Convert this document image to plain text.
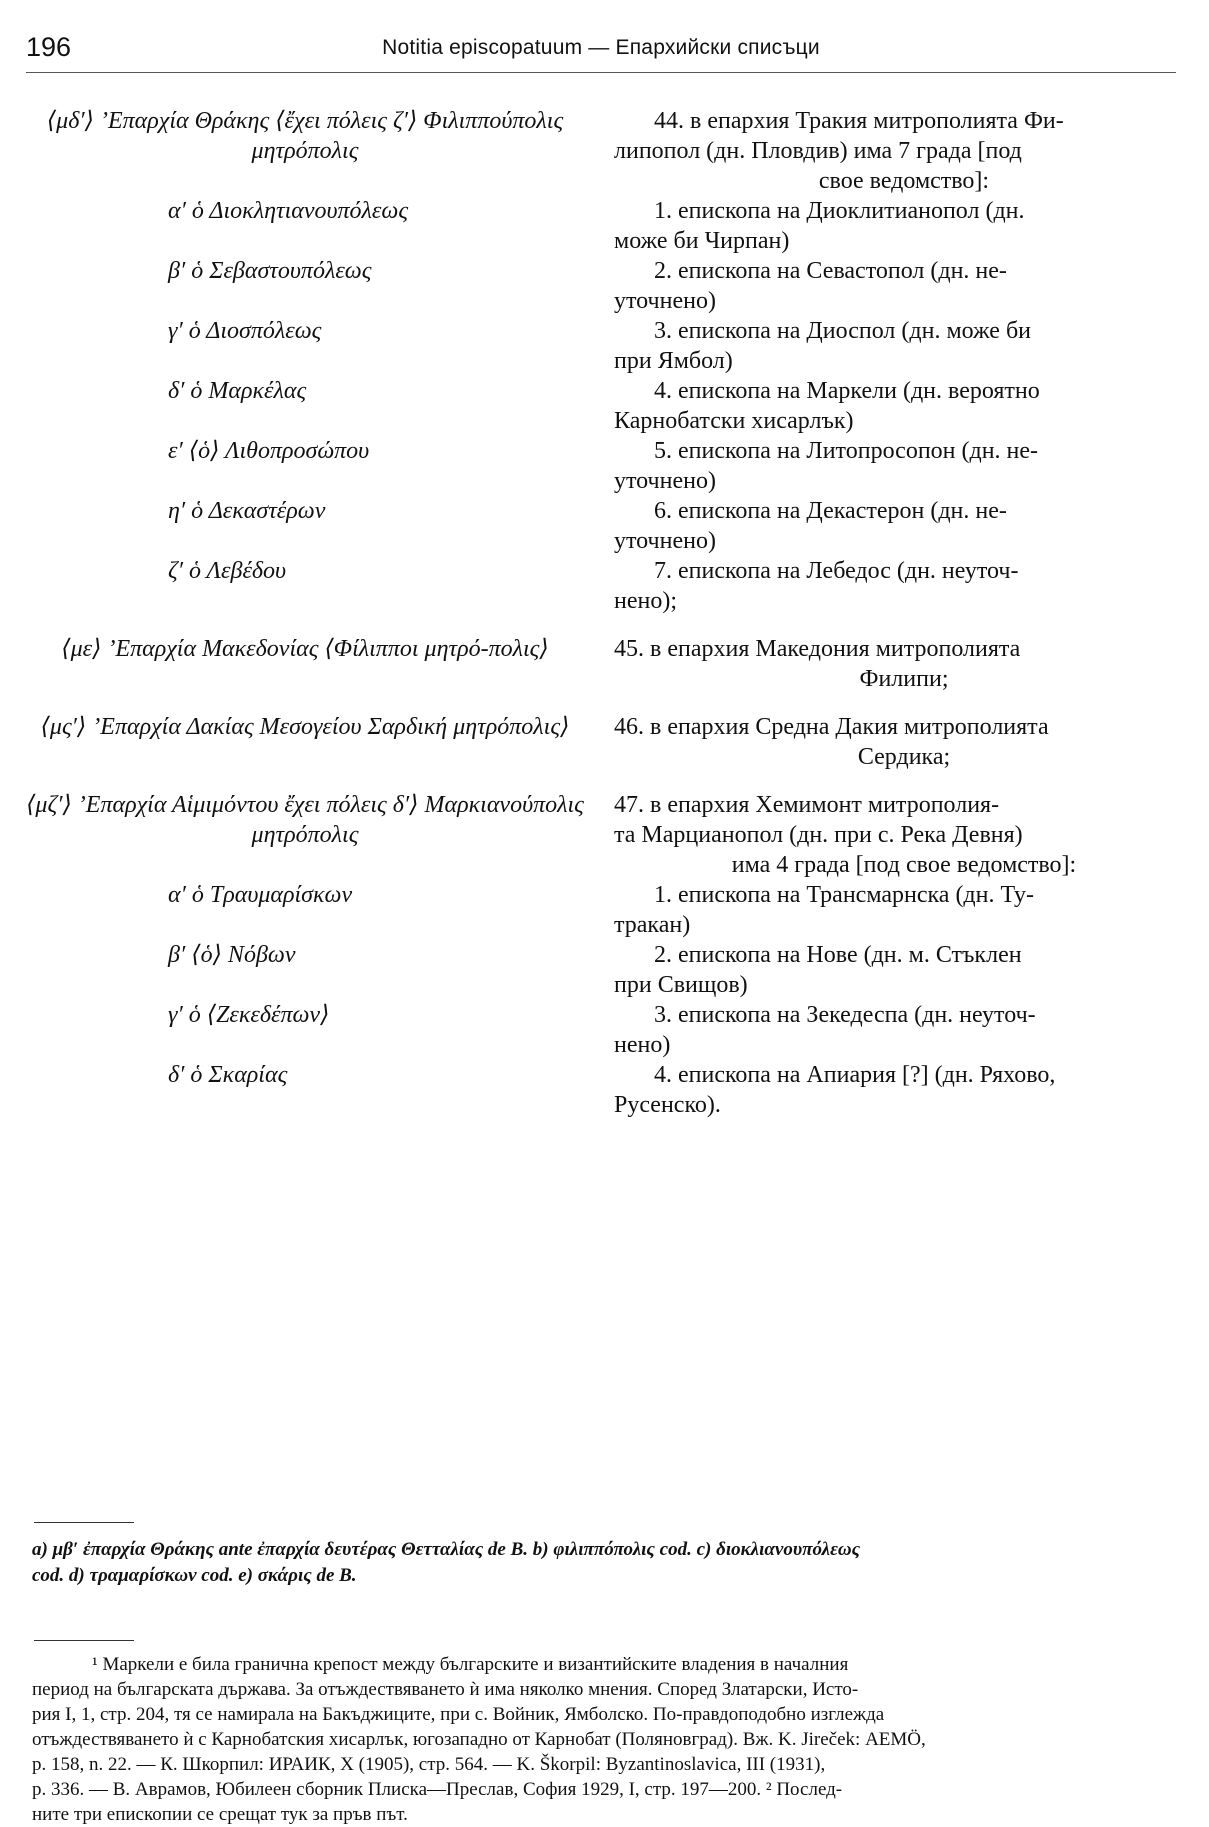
196	Notitia episcopatuum — Епархийски списъци
⟨μδ′⟩ ʼΕπαρχία Θράκης ⟨ἔχει πόλεις ζ′⟩ Φιλιππούπολις μητρόπολις
44. в епархия Тракия митрополията Фи-
липопол (дн. Пловдив) има 7 града [под
свое ведомство]:
α′ ὁ Διοκλητιανουπόλεως	1. епископа на Диоклитианопол (дн.
може би Чирпан)
β′ ὁ Σεβαστουπόλεως	2. епископа на Севастопол (дн. не-
уточнено)
γ′ ὁ Διοσπόλεως	3. епископа на Диоспол (дн. може би
при Ямбол)
δ′ ὁ Μαρκέλας	4. епископа на Маркели (дн. вероятно
Карнобатски хисарлък)
ε′ ⟨ὁ⟩ Λιθοπροσώπου	5. епископа на Литопросопон (дн. не-
уточнено)
η′ ὁ Δεκαστέρων	6. епископа на Декастерон (дн. не-
уточнено)
ζ′ ὁ Λεβέδου	7. епископа на Лебедос (дн. неуточ-
нено);
⟨με⟩ ʼΕπαρχία Μακεδονίας ⟨Φίλιπποι μητρό-πολις⟩	45. в епархия Македония митрополията
Филипи;
⟨μς′⟩ ʼΕπαρχία Δακίας Μεσογείου Σαρδική μητρόπολις⟩	46. в епархия Средна Дакия митрополията
Сердика;
⟨μζ′⟩ ʼΕπαρχία Αἱμιμόντου ἔχει πόλεις δ′⟩ Μαρκιανούπολις μητρόπολις
47. в епархия Хемимонт митрополия-
та Марцианопол (дн. при с. Река Девня)
има 4 града [под свое ведомство]:
α′ ὁ Τραυμαρίσκων	1. епископа на Трансмарнска (дн. Ту-
тракан)
β′ ⟨ὁ⟩ Νόβων	2. епископа на Нове (дн. м. Стъклен
при Свищов)
γ′ ὁ ⟨Ζεκεδέπων⟩	3. епископа на Зекедеспа (дн. неуточ-
нено)
δ′ ὁ Σκαρίας	4. епископа на Апиария [?] (дн. Ряхово,
Русенско).
a) μβ′ ἐπαρχία Θράκης ante ἐπαρχία δευτέρας Θετταλίας de B. b) φιλιππόπολις cod. c) διοκλιανουπόλεως
cod. d) τραμαρίσκων cod. e) σκάρις de B.

¹ Маркели е била гранична крепост между българските и византийските владения в началния

период на българската държава. За отъждествяването ѝ има няколко мнения. Според Златарски, Исто-
рия I, 1, стр. 204, тя се намирала на Бакъджиците, при с. Войник, Ямболско. По-правдоподобно изглежда
отъждествяването ѝ с Карнобатския хисарлък, югозападно от Карнобат (Поляновград). Вж. K. Jireček: АЕМÖ,
p. 158, n. 22. — К. Шкорпил: ИРАИК, X (1905), стр. 564. — K. Škorpil: Byzantinoslavica, III (1931),
p. 336. — В. Аврамов, Юбилеен сборник Плиска—Преслав, София 1929, I, стр. 197—200. ² Послед-
ните три епископии се срещат тук за пръв път.
